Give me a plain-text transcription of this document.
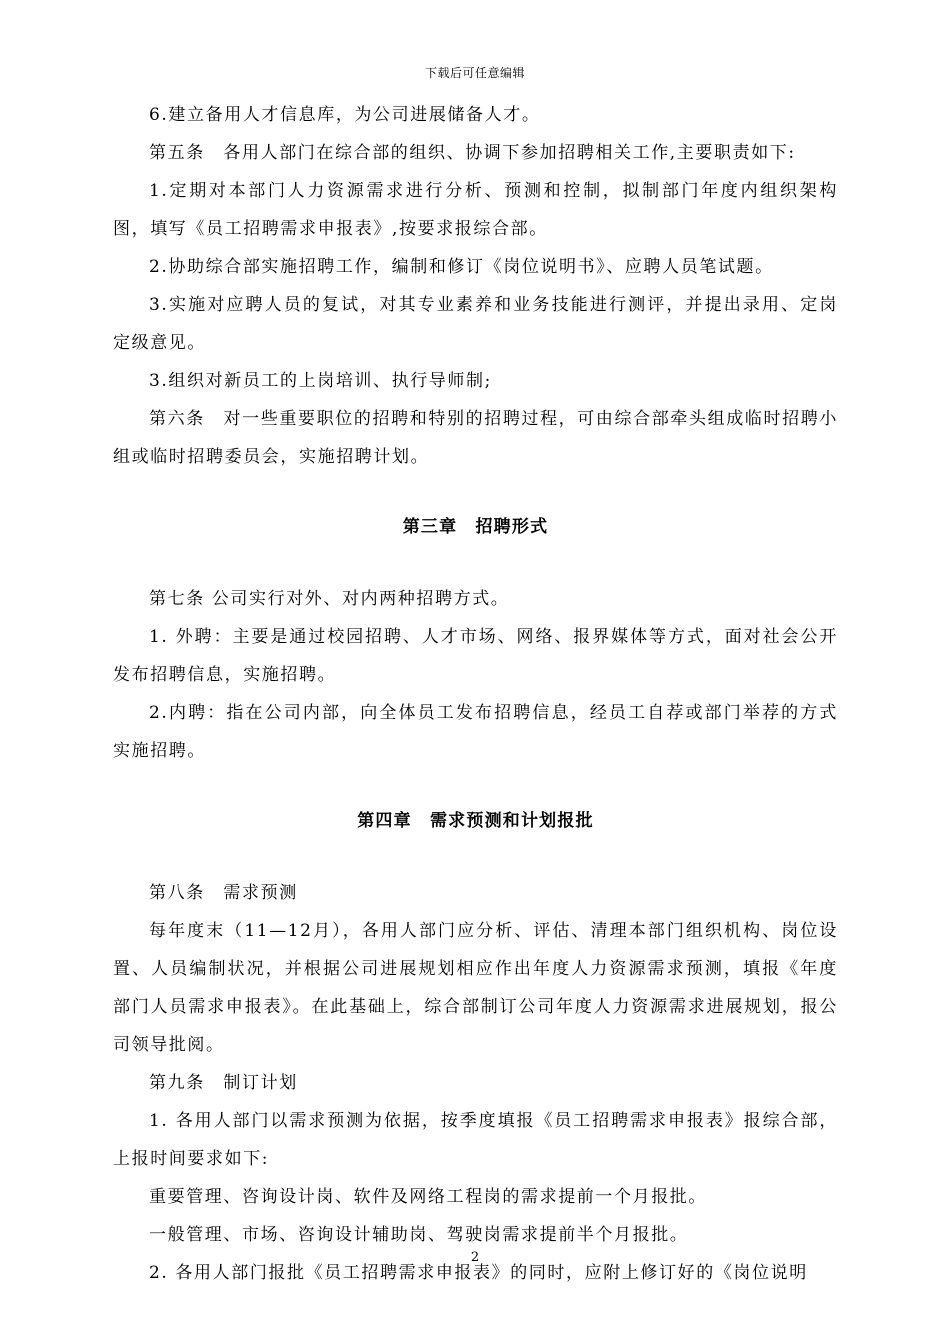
下载后可任意编辑

6.建立备用人才信息库，为公司进展储备人才。

第五条　各用人部门在综合部的组织、协调下参加招聘相关工作,主要职责如下:

1.定期对本部门人力资源需求进行分析、预测和控制，拟制部门年度内组织架构图，填写《员工招聘需求申报表》,按要求报综合部。

2.协助综合部实施招聘工作，编制和修订《岗位说明书》、应聘人员笔试题。

3.实施对应聘人员的复试，对其专业素养和业务技能进行测评，并提出录用、定岗定级意见。

3.组织对新员工的上岗培训、执行导师制;

第六条　对一些重要职位的招聘和特别的招聘过程，可由综合部牵头组成临时招聘小组或临时招聘委员会，实施招聘计划。

第三章　招聘形式

第七条 公司实行对外、对内两种招聘方式。

1. 外聘：主要是通过校园招聘、人才市场、网络、报界媒体等方式，面对社会公开发布招聘信息，实施招聘。

2.内聘：指在公司内部，向全体员工发布招聘信息，经员工自荐或部门举荐的方式实施招聘。

第四章　需求预测和计划报批

第八条　需求预测

每年度末（11—12月），各用人部门应分析、评估、清理本部门组织机构、岗位设置、人员编制状况，并根据公司进展规划相应作出年度人力资源需求预测，填报《年度部门人员需求申报表》。在此基础上，综合部制订公司年度人力资源需求进展规划，报公司领导批阅。

第九条　制订计划

1. 各用人部门以需求预测为依据，按季度填报《员工招聘需求申报表》报综合部，上报时间要求如下:

重要管理、咨询设计岗、软件及网络工程岗的需求提前一个月报批。

一般管理、市场、咨询设计辅助岗、驾驶岗需求提前半个月报批。

2. 各用人部门报批《员工招聘需求申报表》的同时，应附上修订好的《岗位说明

2
